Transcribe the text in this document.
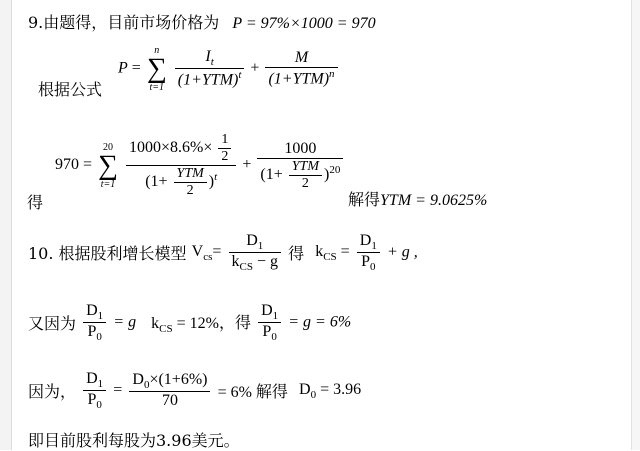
9.由题得，目前市场价格为 P = 97%×1000 = 970
根据公式
P =
n
∑
t=1
$\frac{I_t}{(1+YTM)^t} + \frac{M}{(1+YTM)^n}$
970 =
20
∑
t=1
$\frac{1000\times 8.6\%\times \frac{1}{2}}{(1+ \frac{\text{YTM}}{2} )^t} + \frac{1000}{(1+ \frac{\text{YTM}}{2} )^{20}}$
得	解得YTM = 9.0625%
10. 根据股利增长模型 $V_{cs}= \frac{D_1}{k_{CS} - g}$ 得 $k_{CS} = \frac{D_1}{P_0} + g$ ,
又因为 $\frac{D_1}{P_0} = g$ $k_{CS} = 12\%$，得 $\frac{D_1}{P_0} = g = 6\%$
因为， $\frac{D_1}{P_0} = \frac{D_0\times(1+6\%)}{70} = 6\%$ 解得 $D_0 = 3.96$
即目前股利每股为3.96美元。
